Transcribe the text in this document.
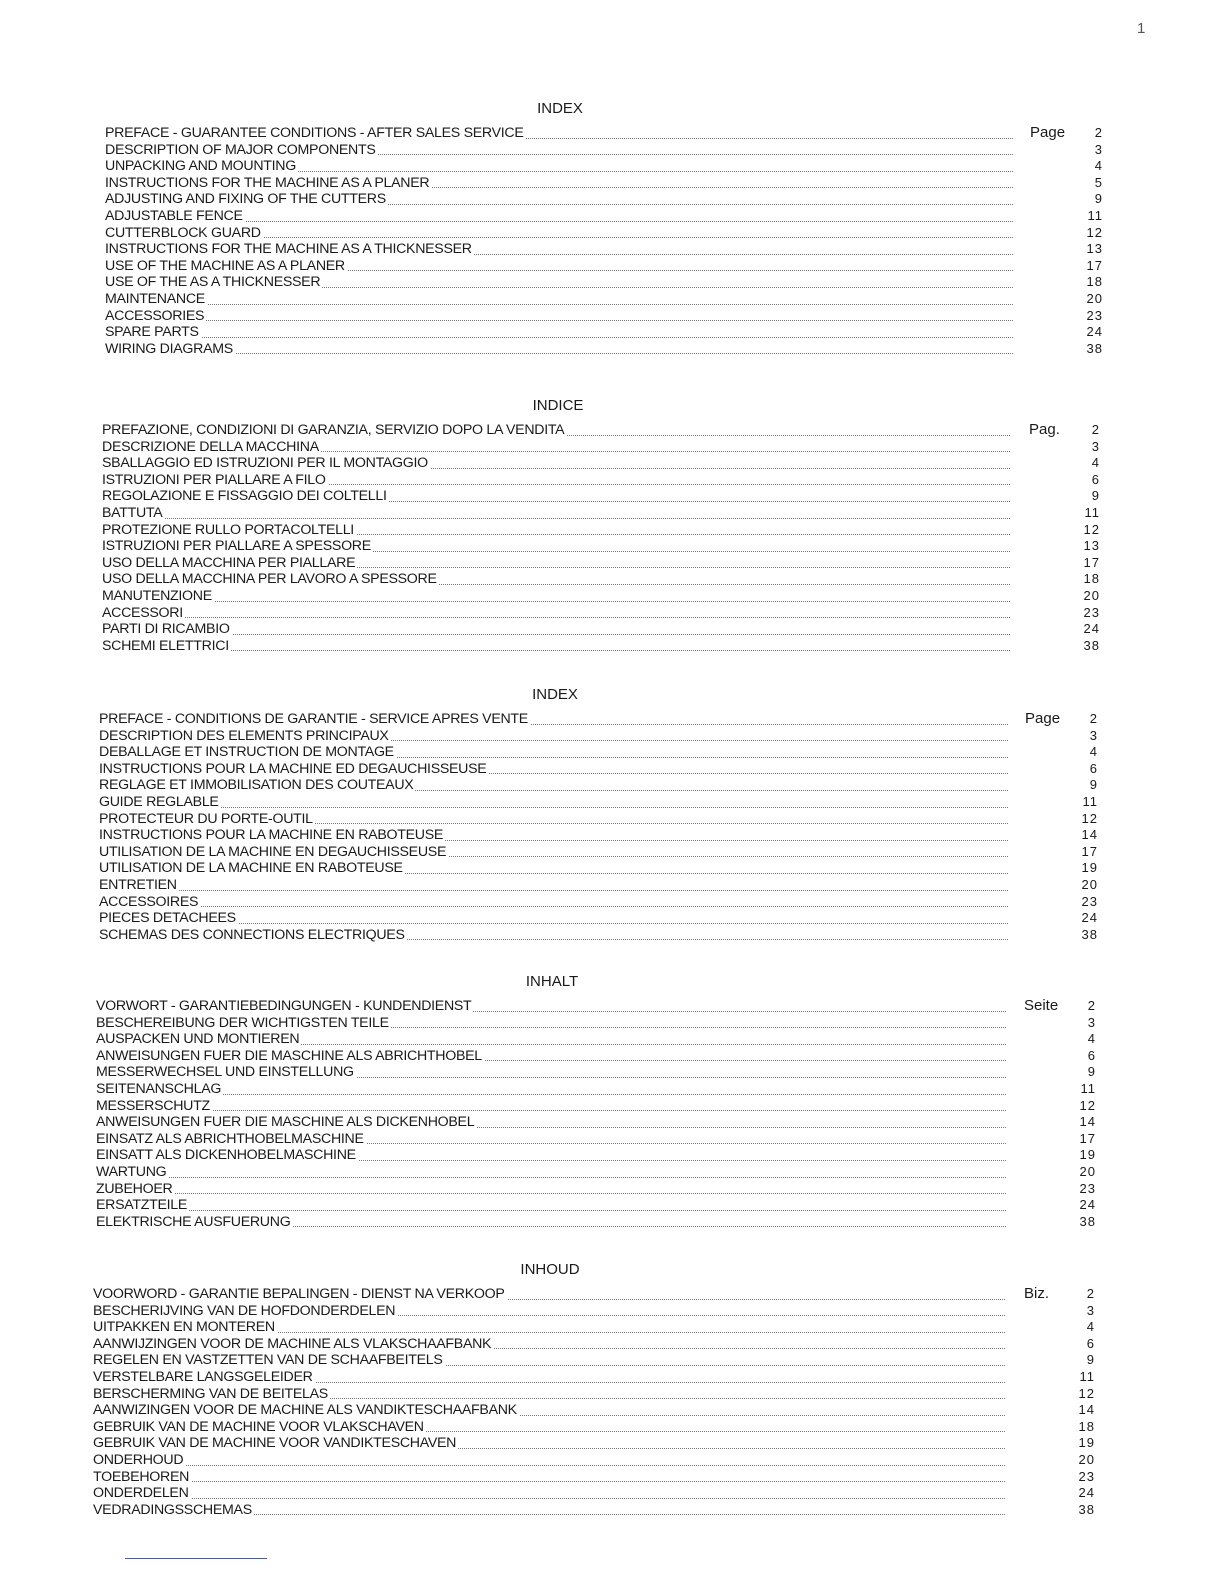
1
INDEX
PREFACE - GUARANTEE CONDITIONS - AFTER SALES SERVICE	Page	2
DESCRIPTION OF MAJOR COMPONENTS	3
UNPACKING AND MOUNTING	4
INSTRUCTIONS FOR THE MACHINE AS A PLANER	5
ADJUSTING AND FIXING OF THE CUTTERS	9
ADJUSTABLE FENCE	11
CUTTERBLOCK GUARD	12
INSTRUCTIONS FOR THE MACHINE AS A THICKNESSER	13
USE OF THE MACHINE AS A PLANER	17
USE OF THE AS A THICKNESSER	18
MAINTENANCE	20
ACCESSORIES	23
SPARE PARTS	24
WIRING DIAGRAMS	38
INDICE
PREFAZIONE, CONDIZIONI DI GARANZIA, SERVIZIO DOPO LA VENDITA	Pag.	2
DESCRIZIONE DELLA MACCHINA	3
SBALLAGGIO ED ISTRUZIONI PER IL MONTAGGIO	4
ISTRUZIONI PER PIALLARE A FILO	6
REGOLAZIONE E FISSAGGIO DEI COLTELLI	9
BATTUTA	11
PROTEZIONE RULLO PORTACOLTELLI	12
ISTRUZIONI PER PIALLARE A SPESSORE	13
USO DELLA MACCHINA PER PIALLARE	17
USO DELLA MACCHINA PER LAVORO A SPESSORE	18
MANUTENZIONE	20
ACCESSORI	23
PARTI DI RICAMBIO	24
SCHEMI ELETTRICI	38
INDEX
PREFACE - CONDITIONS DE GARANTIE - SERVICE APRES VENTE	Page	2
DESCRIPTION DES ELEMENTS PRINCIPAUX	3
DEBALLAGE ET INSTRUCTION DE MONTAGE	4
INSTRUCTIONS POUR LA MACHINE ED DEGAUCHISSEUSE	6
REGLAGE ET IMMOBILISATION DES COUTEAUX	9
GUIDE REGLABLE	11
PROTECTEUR DU PORTE-OUTIL	12
INSTRUCTIONS POUR LA MACHINE EN RABOTEUSE	14
UTILISATION DE LA MACHINE EN DEGAUCHISSEUSE	17
UTILISATION DE LA MACHINE EN RABOTEUSE	19
ENTRETIEN	20
ACCESSOIRES	23
PIECES DETACHEES	24
SCHEMAS DES CONNECTIONS ELECTRIQUES	38
INHALT
VORWORT - GARANTIEBEDINGUNGEN - KUNDENDIENST	Seite	2
BESCHEREIBUNG DER WICHTIGSTEN TEILE	3
AUSPACKEN UND MONTIEREN	4
ANWEISUNGEN FUER DIE MASCHINE ALS ABRICHTHOBEL	6
MESSERWECHSEL UND EINSTELLUNG	9
SEITENANSCHLAG	11
MESSERSCHUTZ	12
ANWEISUNGEN FUER DIE MASCHINE ALS DICKENHOBEL	14
EINSATZ ALS ABRICHTHOBELMASCHINE	17
EINSATT ALS DICKENHOBELMASCHINE	19
WARTUNG	20
ZUBEHOER	23
ERSATZTEILE	24
ELEKTRISCHE AUSFUERUNG	38
INHOUD
VOORWORD - GARANTIE BEPALINGEN - DIENST NA VERKOOP	Biz.	2
BESCHERIJVING VAN DE HOFDONDERDELEN	3
UITPAKKEN EN MONTEREN	4
AANWIJZINGEN VOOR DE MACHINE ALS VLAKSCHAAFBANK	6
REGELEN EN VASTZETTEN VAN DE SCHAAFBEITELS	9
VERSTELBARE LANGSGELEIDER	11
BERSCHERMING VAN DE BEITELAS	12
AANWIZINGEN VOOR DE MACHINE ALS VANDIKTESCHAAFBANK	14
GEBRUIK VAN DE MACHINE VOOR VLAKSCHAVEN	18
GEBRUIK VAN DE MACHINE VOOR VANDIKTESCHAVEN	19
ONDERHOUD	20
TOEBEHOREN	23
ONDERDELEN	24
VEDRADINGSSCHEMAS	38
